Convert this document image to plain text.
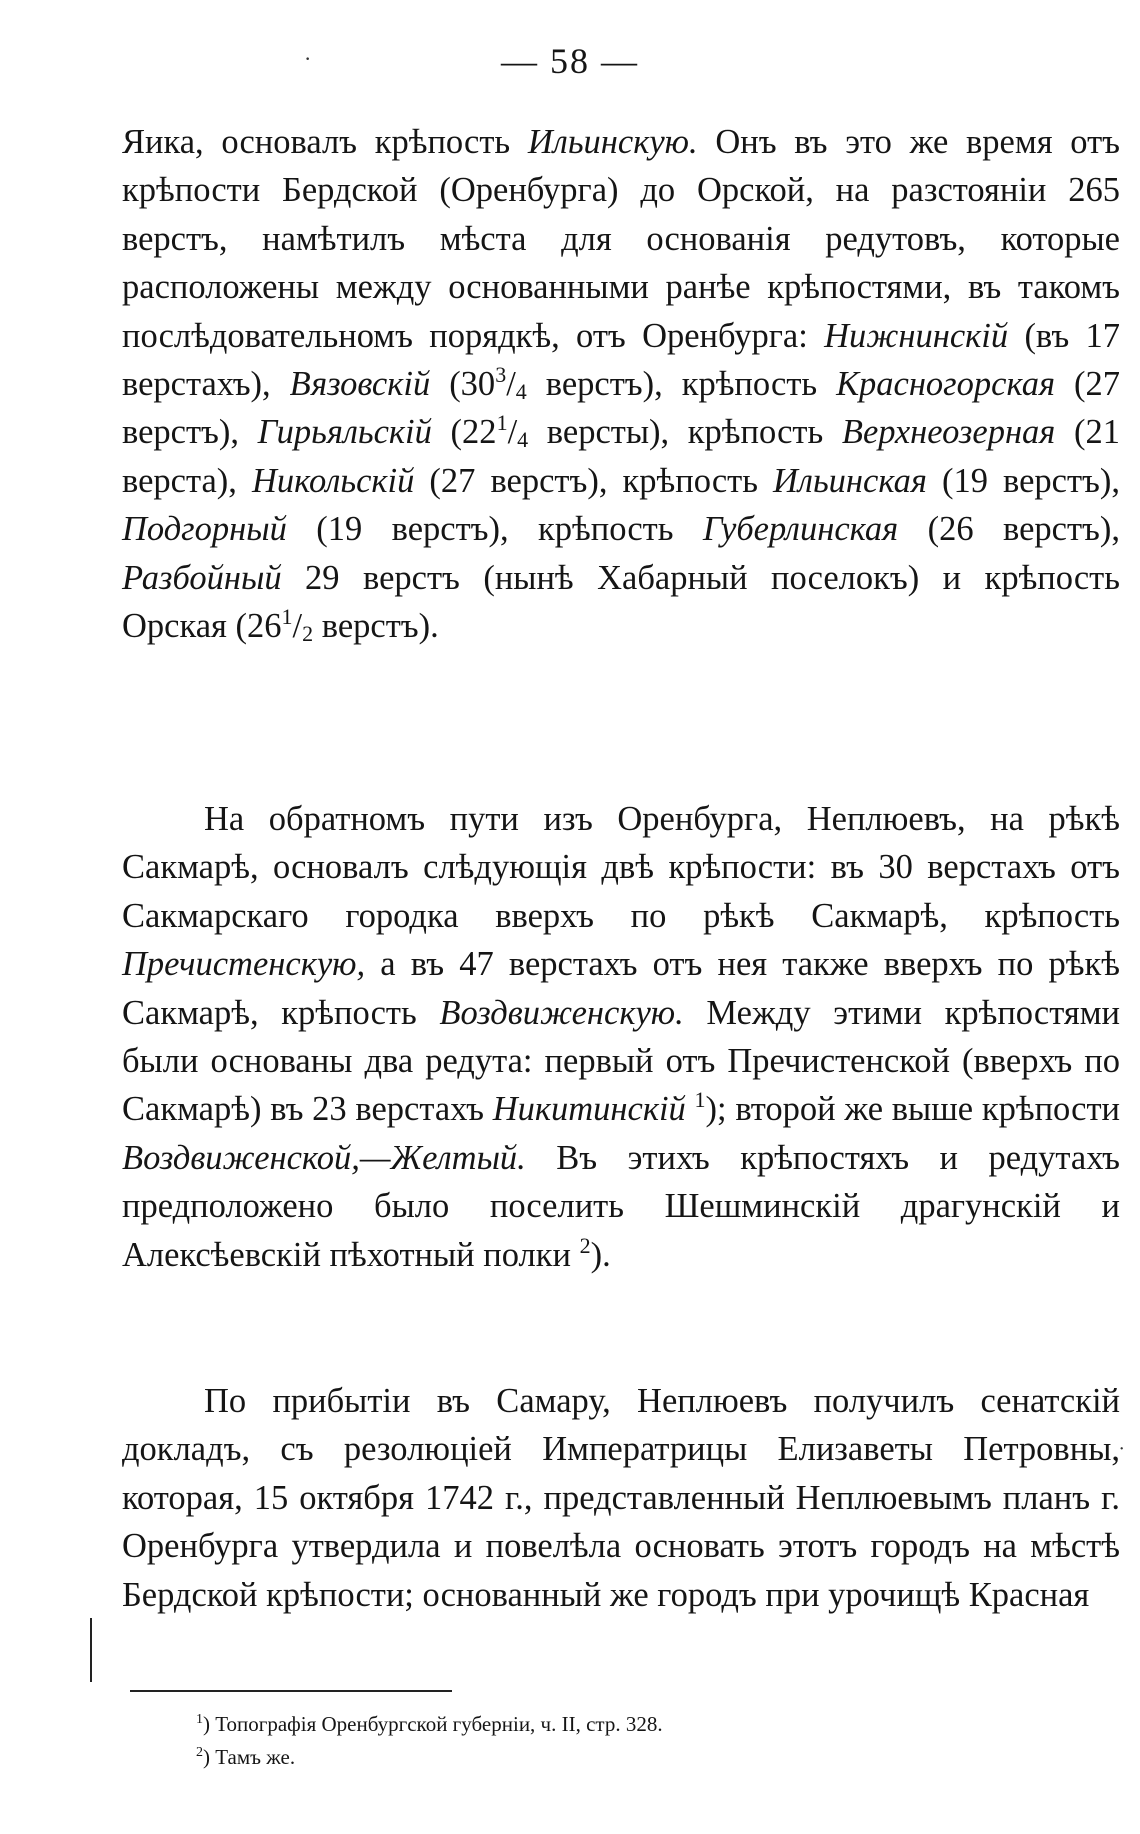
— 58 —

Яика, основалъ крѣпость Ильинскую. Онъ въ это же время отъ крѣпости Бердской (Оренбурга) до Орской, на разстояніи 265 верстъ, намѣтилъ мѣста для основанія редутовъ, которые расположены между основанными ранѣе крѣпостями, въ такомъ послѣдовательномъ порядкѣ, отъ Оренбурга: Нижнинскій (въ 17 верстахъ), Вязовскій ($30^3/_4$ верстъ), крѣпость Красногорская (27 верстъ), Гирьяльскій ($22^1/_4$ версты), крѣпость Верхнеозерная (21 верста), Никольскій (27 верстъ), крѣпость Ильинская (19 верстъ), Подгорный (19 верстъ), крѣпость Губерлинская (26 верстъ), Разбойный 29 верстъ (нынѣ Хабарный поселокъ) и крѣпость Орская ($26^1/_2$ верстъ).

На обратномъ пути изъ Оренбурга, Неплюевъ, на рѣкѣ Сакмарѣ, основалъ слѣдующія двѣ крѣпости: въ 30 верстахъ отъ Сакмарскаго городка вверхъ по рѣкѣ Сакмарѣ, крѣпость Пречистенскую, а въ 47 верстахъ отъ нея также вверхъ по рѣкѣ Сакмарѣ, крѣпость Воздвиженскую. Между этими крѣпостями были основаны два редута: первый отъ Пречистенской (вверхъ по Сакмарѣ) въ 23 верстахъ Никитинскій $^1$); второй же выше крѣпости Воздвиженской,—Желтый. Въ этихъ крѣпостяхъ и редутахъ предположено было поселить Шешминскій драгунскій и Алексѣевскій пѣхотный полки $^2$).

По прибытіи въ Самару, Неплюевъ получилъ сенатскій докладъ, съ резолюціей Императрицы Елизаветы Петровны, которая, 15 октября 1742 г., представленный Неплюевымъ планъ г. Оренбурга утвердила и повелѣла основать этотъ городъ на мѣстѣ Бердской крѣпости; основанный же городъ при урочищѣ Красная

·
˙

$^1$) Топографія Оренбургской губерніи, ч. II, стр. 328.

$^2$) Тамъ же.
